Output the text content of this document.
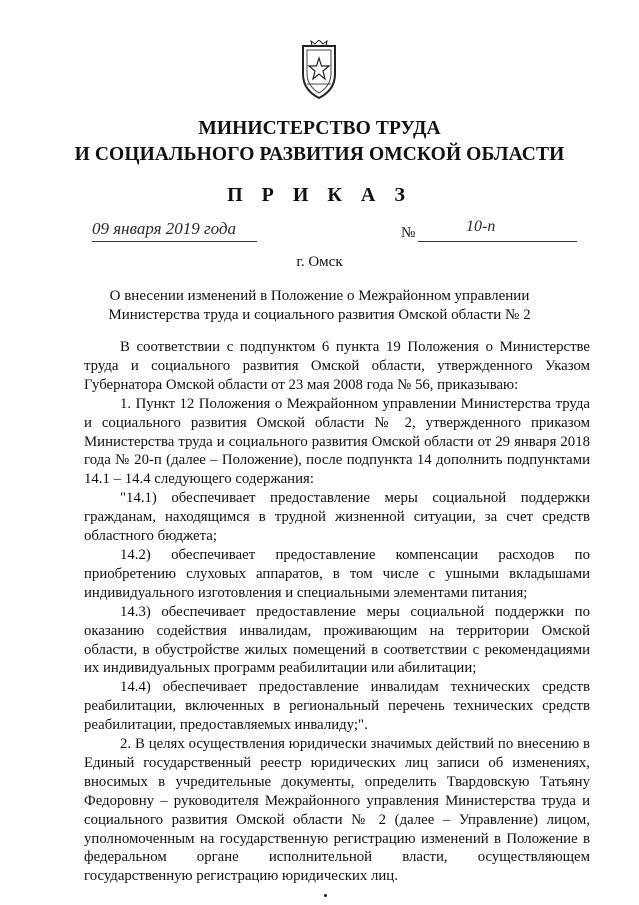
МИНИСТЕРСТВО ТРУДА
И СОЦИАЛЬНОГО РАЗВИТИЯ ОМСКОЙ ОБЛАСТИ
П Р И К А З
09 января 2019 года	№	10-п
г. Омск
О внесении изменений в Положение о Межрайонном управлении
Министерства труда и социального развития Омской области № 2

В соответствии с подпунктом 6 пункта 19 Положения о Министерстве труда и социального развития Омской области, утвержденного Указом Губернатора Омской области от 23 мая 2008 года № 56, приказываю:

1. Пункт 12 Положения о Межрайонном управлении Министерства труда и социального развития Омской области № 2, утвержденного приказом Министерства труда и социального развития Омской области от 29 января 2018 года № 20-п (далее – Положение), после подпункта 14 дополнить подпунктами 14.1 – 14.4 следующего содержания:

"14.1) обеспечивает предоставление меры социальной поддержки гражданам, находящимся в трудной жизненной ситуации, за счет средств областного бюджета;

14.2) обеспечивает предоставление компенсации расходов по приобретению слуховых аппаратов, в том числе с ушными вкладышами индивидуального изготовления и специальными элементами питания;

14.3) обеспечивает предоставление меры социальной поддержки по оказанию содействия инвалидам, проживающим на территории Омской области, в обустройстве жилых помещений в соответствии с рекомендациями их индивидуальных программ реабилитации или абилитации;

14.4) обеспечивает предоставление инвалидам технических средств реабилитации, включенных в региональный перечень технических средств реабилитации, предоставляемых инвалиду;".

2. В целях осуществления юридически значимых действий по внесению в Единый государственный реестр юридических лиц записи об изменениях, вносимых в учредительные документы, определить Твардовскую Татьяну Федоровну – руководителя Межрайонного управления Министерства труда и социального развития Омской области № 2 (далее – Управление) лицом, уполномоченным на государственную регистрацию изменений в Положение в федеральном органе исполнительной власти, осуществляющем государственную регистрацию юридических лиц.
